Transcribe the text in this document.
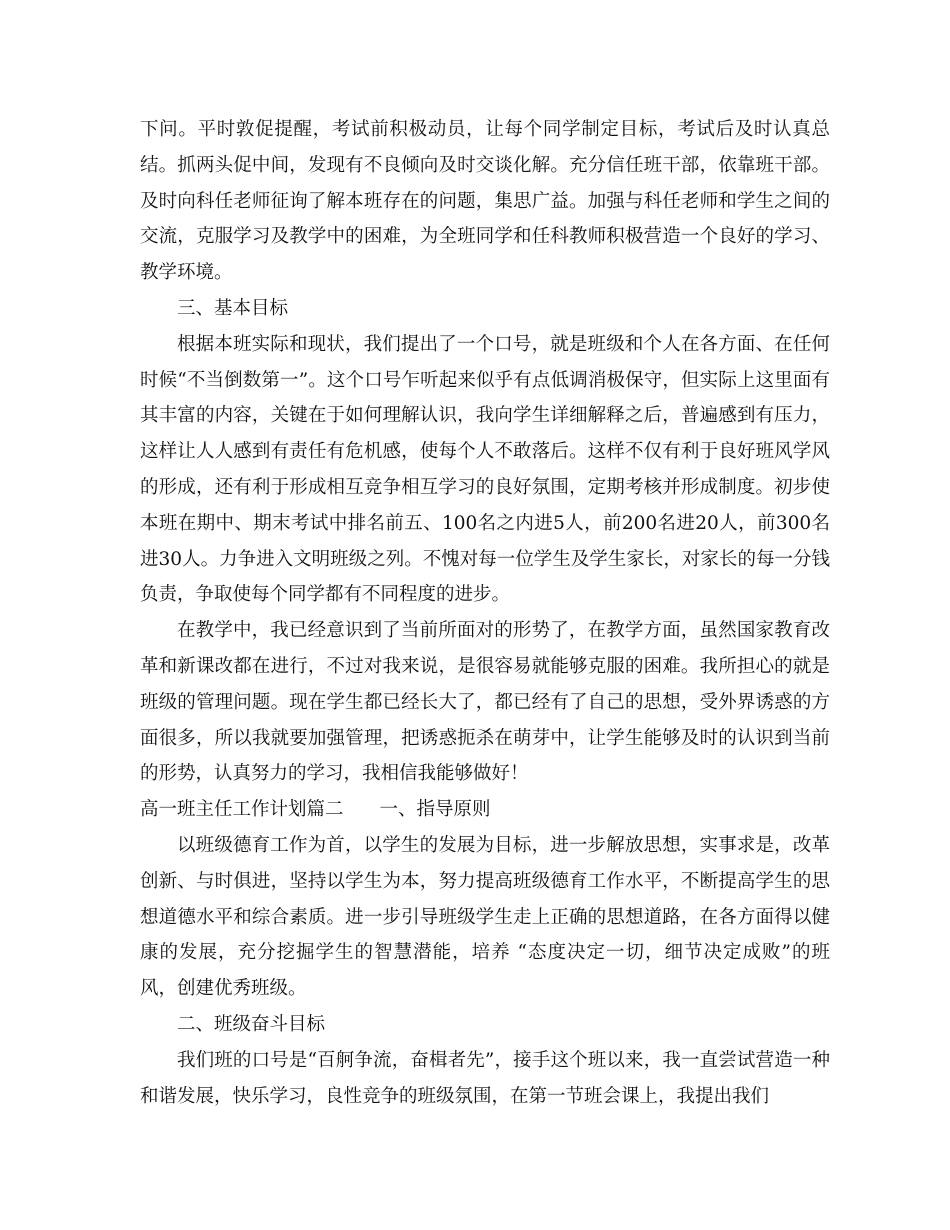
下问。平时敦促提醒，考试前积极动员，让每个同学制定目标，考试后及时认真总结。抓两头促中间，发现有不良倾向及时交谈化解。充分信任班干部，依靠班干部。及时向科任老师征询了解本班存在的问题，集思广益。加强与科任老师和学生之间的交流，克服学习及教学中的困难，为全班同学和任科教师积极营造一个良好的学习、教学环境。

三、基本目标

根据本班实际和现状，我们提出了一个口号，就是班级和个人在各方面、在任何时候“不当倒数第一”。这个口号乍听起来似乎有点低调消极保守，但实际上这里面有其丰富的内容，关键在于如何理解认识，我向学生详细解释之后，普遍感到有压力，这样让人人感到有责任有危机感，使每个人不敢落后。这样不仅有利于良好班风学风的形成，还有利于形成相互竞争相互学习的良好氛围，定期考核并形成制度。初步使本班在期中、期末考试中排名前五、100名之内进5人，前200名进20人，前300名进30人。力争进入文明班级之列。不愧对每一位学生及学生家长，对家长的每一分钱负责，争取使每个同学都有不同程度的进步。

在教学中，我已经意识到了当前所面对的形势了，在教学方面，虽然国家教育改革和新课改都在进行，不过对我来说，是很容易就能够克服的困难。我所担心的就是班级的管理问题。现在学生都已经长大了，都已经有了自己的思想，受外界诱惑的方面很多，所以我就要加强管理，把诱惑扼杀在萌芽中，让学生能够及时的认识到当前的形势，认真努力的学习，我相信我能够做好！

高一班主任工作计划篇二 一、指导原则

以班级德育工作为首，以学生的发展为目标，进一步解放思想，实事求是，改革创新、与时俱进，坚持以学生为本，努力提高班级德育工作水平，不断提高学生的思想道德水平和综合素质。进一步引导班级学生走上正确的思想道路，在各方面得以健康的发展，充分挖掘学生的智慧潜能，培养 “态度决定一切，细节决定成败”的班风，创建优秀班级。

二、班级奋斗目标

我们班的口号是“百舸争流，奋楫者先”，接手这个班以来，我一直尝试营造一种和谐发展，快乐学习，良性竞争的班级氛围，在第一节班会课上，我提出我们
